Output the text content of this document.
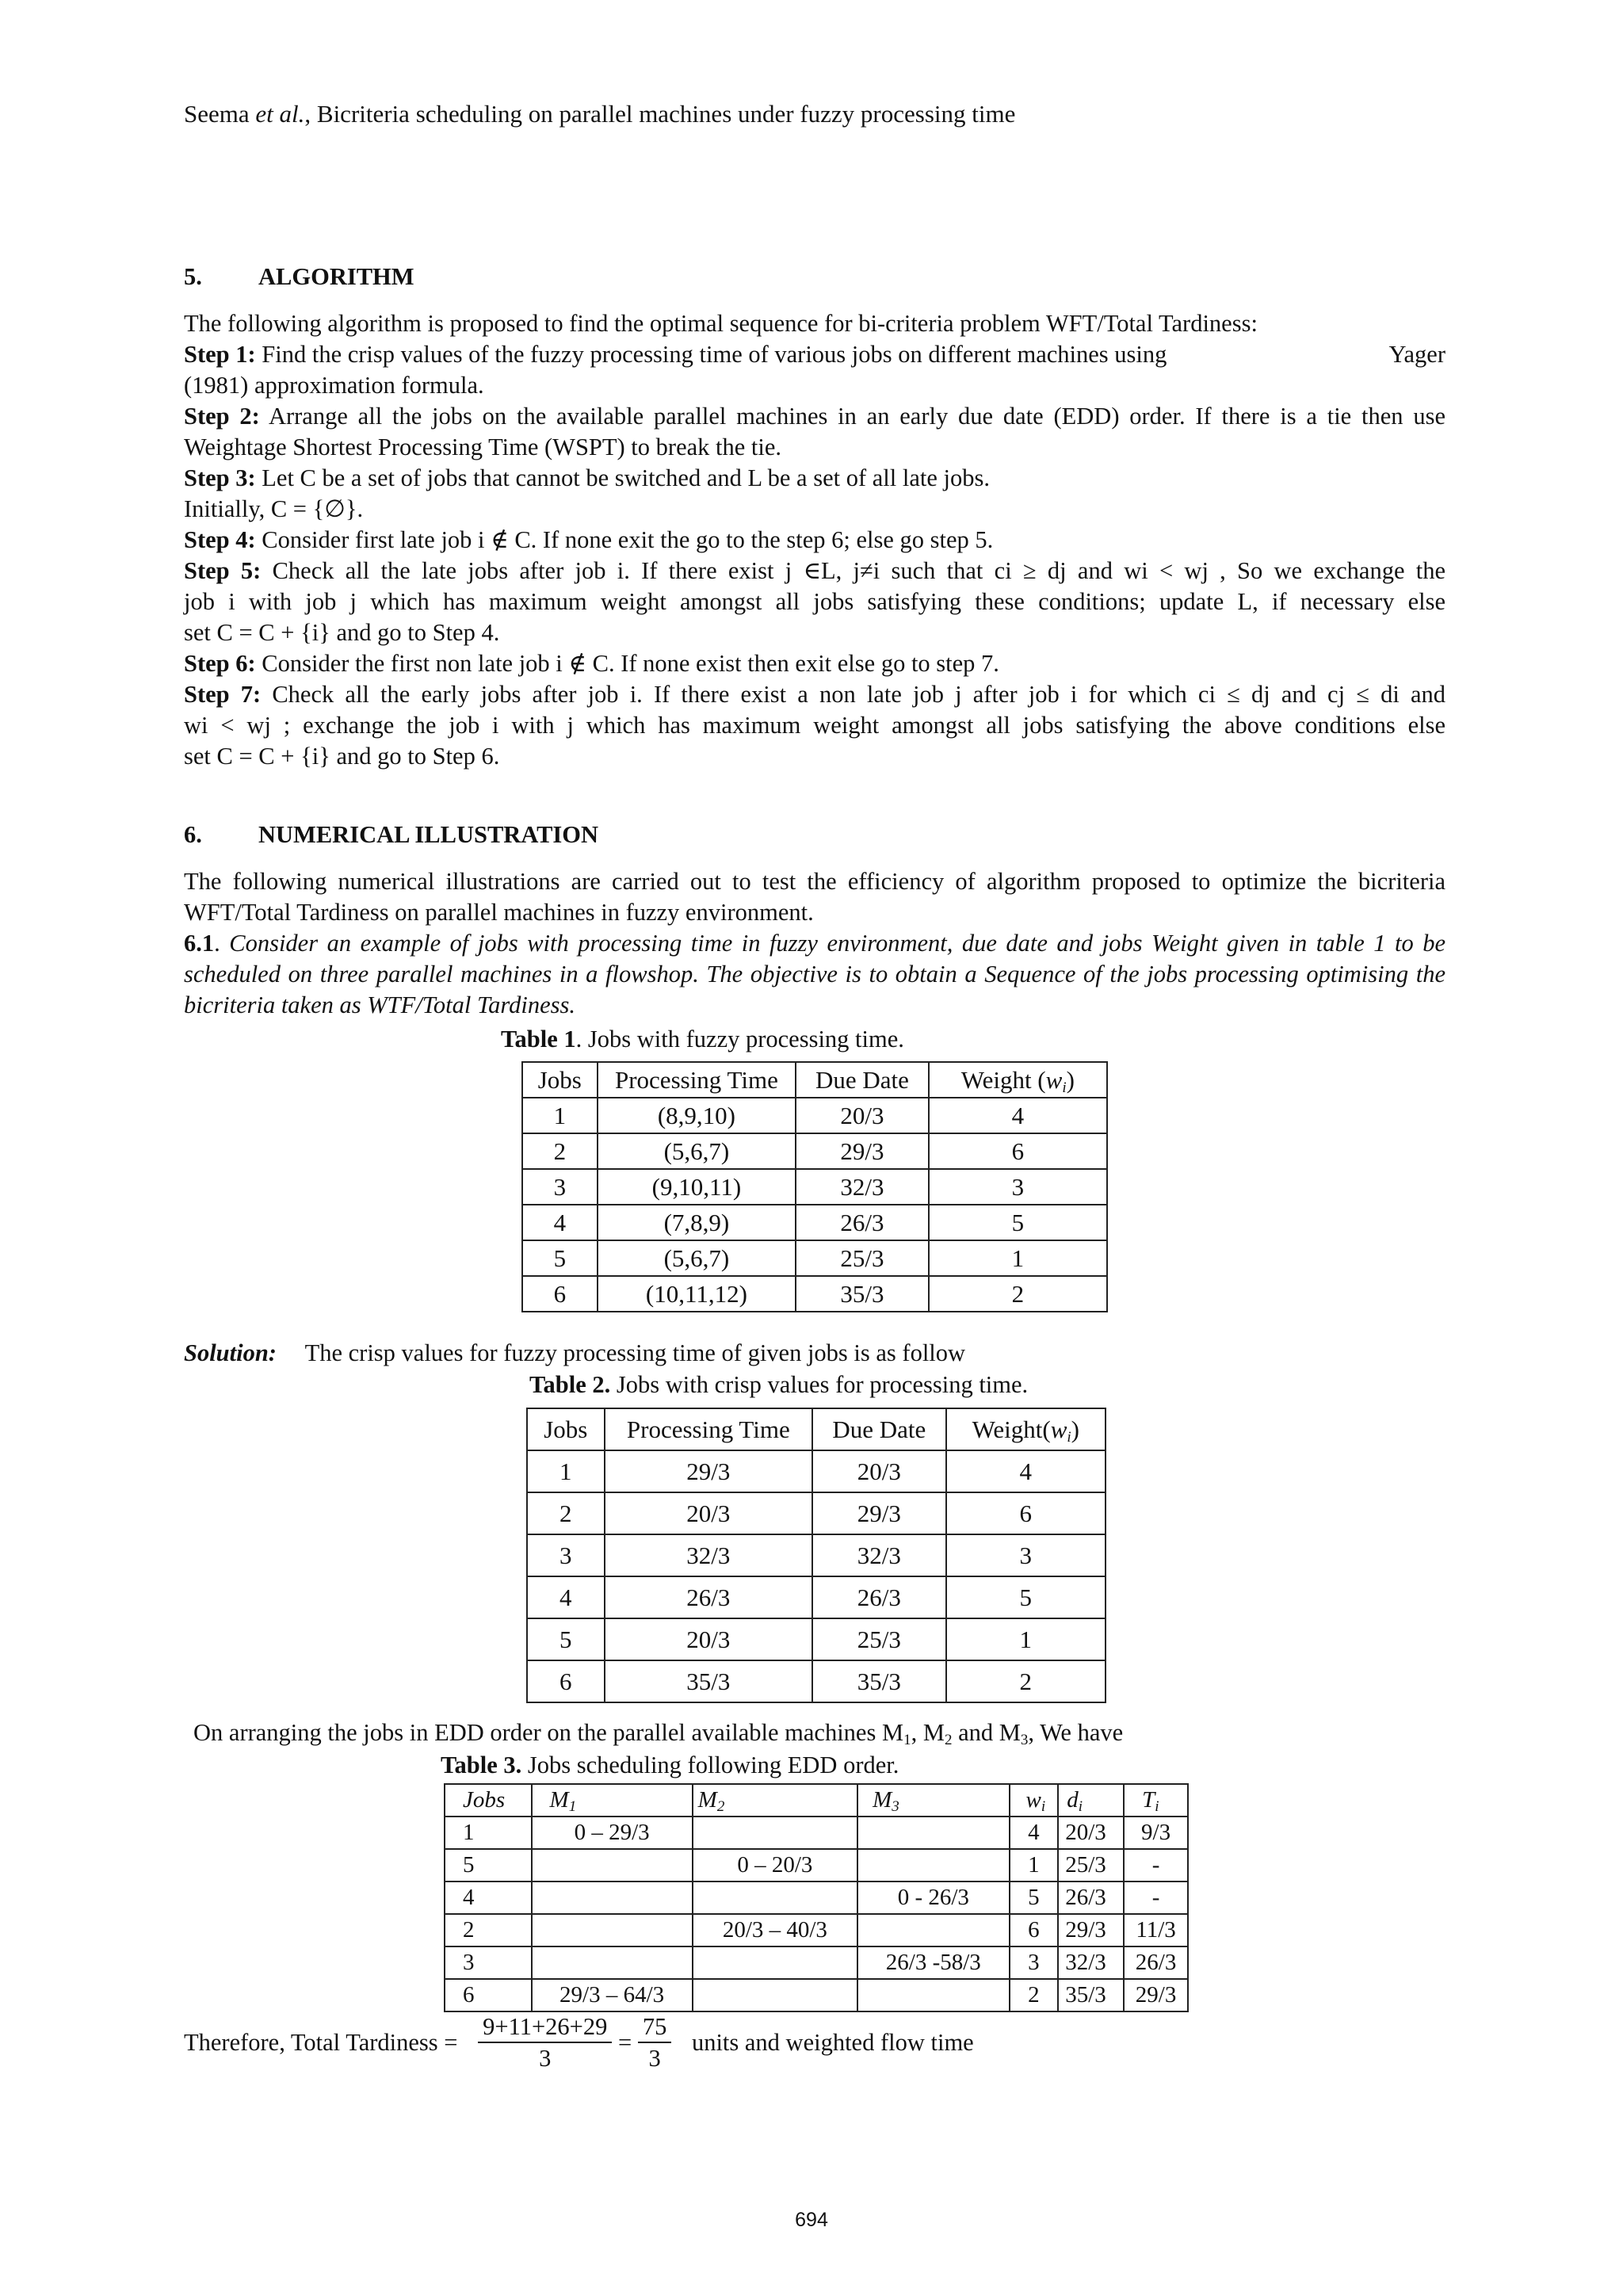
Seema et al., Bicriteria scheduling on parallel machines under fuzzy processing time
5. ALGORITHM
The following algorithm is proposed to find the optimal sequence for bi-criteria problem WFT/Total Tardiness:
Step 1: Find the crisp values of the fuzzy processing time of various jobs on different machines using	Yager
(1981) approximation formula.
Step 2: Arrange all the jobs on the available parallel machines in an early due date (EDD) order. If there is a tie then use Weightage Shortest Processing Time (WSPT) to break the tie.
Step 3: Let C be a set of jobs that cannot be switched and L be a set of all late jobs.
Initially, C = {∅}.
Step 4: Consider first late job i ∉ C. If none exit the go to the step 6; else go step 5.
Step 5: Check all the late jobs after job i. If there exist j ∈L, j≠i such that ci ≥ dj and wi < wj , So we exchange the
job i with job j which has maximum weight amongst all jobs satisfying these conditions; update L, if necessary else
set C = C + {i} and go to Step 4.
Step 6: Consider the first non late job i ∉ C. If none exist then exit else go to step 7.
Step 7: Check all the early jobs after job i. If there exist a non late job j after job i for which ci ≤ dj and cj ≤ di and
wi < wj ; exchange the job i with j which has maximum weight amongst all jobs satisfying the above conditions else
set C = C + {i} and go to Step 6.
6. NUMERICAL ILLUSTRATION
The following numerical illustrations are carried out to test the efficiency of algorithm proposed to optimize the bicriteria WFT/Total Tardiness on parallel machines in fuzzy environment.
6.1. Consider an example of jobs with processing time in fuzzy environment, due date and jobs Weight given in table 1 to be scheduled on three parallel machines in a flowshop. The objective is to obtain a Sequence of the jobs processing optimising the bicriteria taken as WTF/Total Tardiness.
Table 1. Jobs with fuzzy processing time.
Jobs	Processing Time	Due Date	Weight $(w_i)$
1	(8,9,10)	20/3	4
2	(5,6,7)	29/3	6
3	(9,10,11)	32/3	3
4	(7,8,9)	26/3	5
5	(5,6,7)	25/3	1
6	(10,11,12)	35/3	2
Solution: The crisp values for fuzzy processing time of given jobs is as follow
Table 2. Jobs with crisp values for processing time.
Jobs	Processing Time	Due Date	$Weight(w_i)$
1	29/3	20/3	4
2	20/3	29/3	6
3	32/3	32/3	3
4	26/3	26/3	5
5	20/3	25/3	1
6	35/3	35/3	2
On arranging the jobs in EDD order on the parallel available machines $M_1$, $M_2$ and $M_3$, We have
Table 3. Jobs scheduling following EDD order.
Jobs	$M_1$	$M_2$	$M_3$	$w_i$	$d_i$	$T_i$
1	0 – 29/3			4	20/3	9/3
5		0 – 20/3		1	25/3	-
4			0 - 26/3	5	26/3	-
2		20/3 – 40/3		6	29/3	11/3
3			26/3 -58/3	3	32/3	26/3
6	29/3 – 64/3			2	35/3	29/3
Therefore, Total Tardiness = $\frac{9+11+26+29}{3} = \frac{75}{3}$ units and weighted flow time
694
